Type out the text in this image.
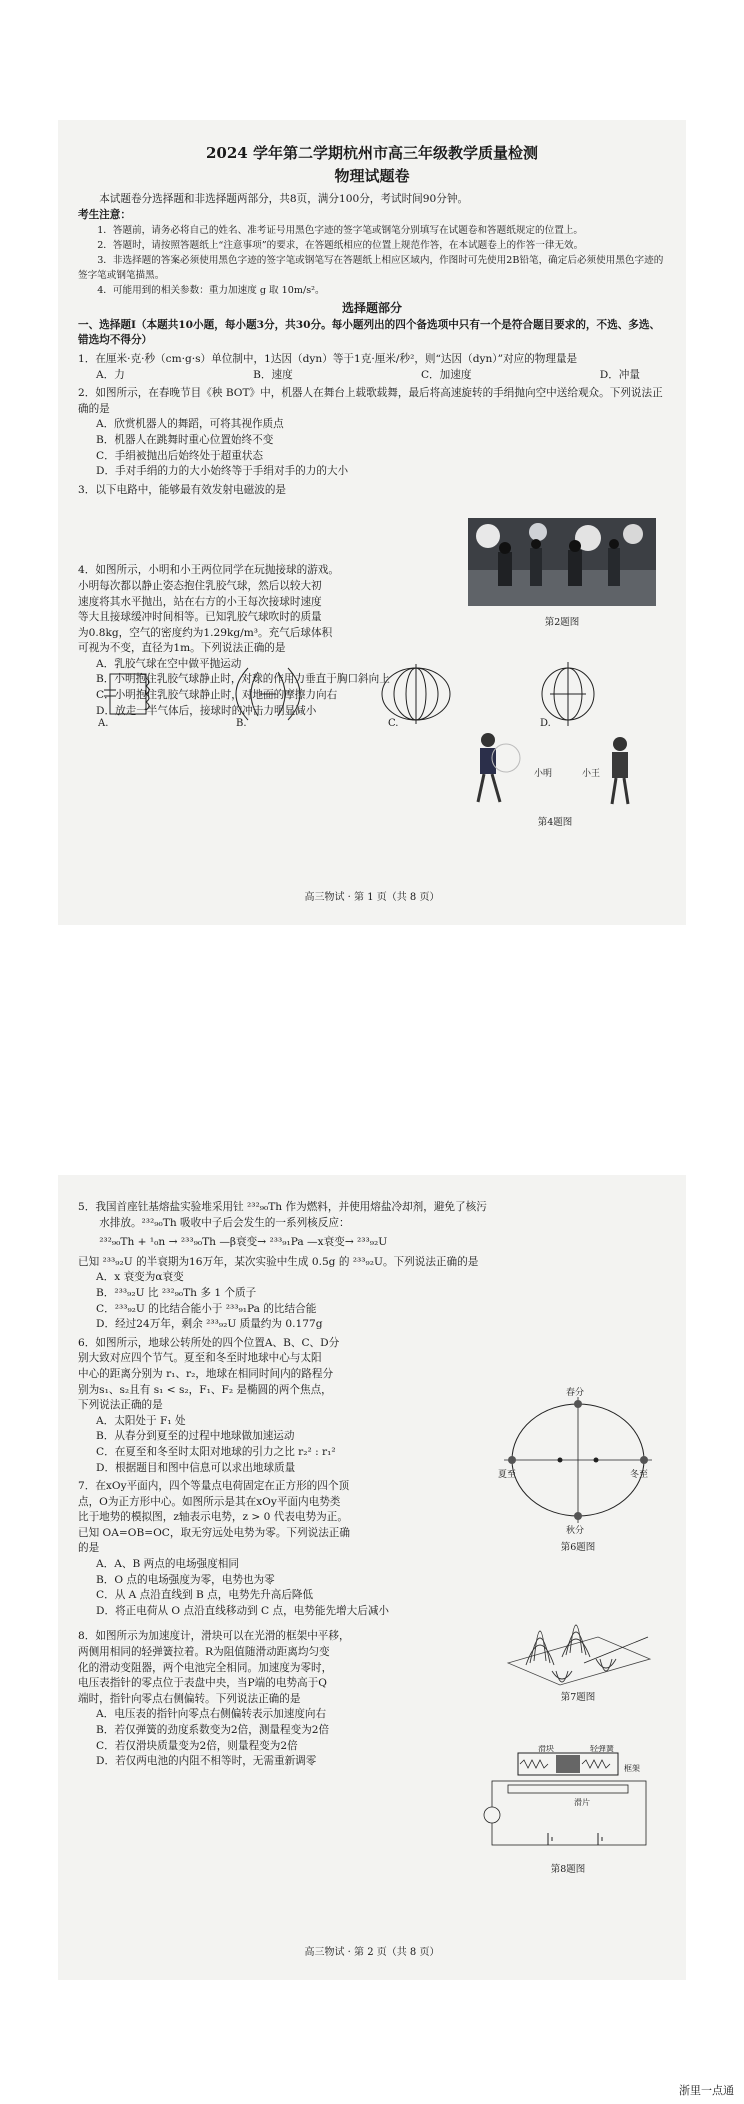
2024 学年第二学期杭州市高三年级教学质量检测
物理试题卷

本试题卷分选择题和非选择题两部分，共8页，满分100分，考试时间90分钟。

考生注意：

1．答题前，请务必将自己的姓名、准考证号用黑色字迹的签字笔或钢笔分别填写在试题卷和答题纸规定的位置上。

2．答题时，请按照答题纸上“注意事项”的要求，在答题纸相应的位置上规范作答，在本试题卷上的作答一律无效。

3．非选择题的答案必须使用黑色字迹的签字笔或钢笔写在答题纸上相应区域内，作图时可先使用2B铅笔，确定后必须使用黑色字迹的签字笔或钢笔描黑。

4．可能用到的相关参数：重力加速度 g 取 10m/s²。

选择题部分

一、选择题Ⅰ（本题共10小题，每小题3分，共30分。每小题列出的四个备选项中只有一个是符合题目要求的，不选、多选、错选均不得分）

1．在厘米·克·秒（cm·g·s）单位制中，1达因（dyn）等于1克·厘米/秒²，则“达因（dyn）”对应的物理量是

A．力	B．速度	C．加速度	D．冲量

2．如图所示，在春晚节目《秧 BOT》中，机器人在舞台上载歌载舞，最后将高速旋转的手绢抛向空中送给观众。下列说法正确的是

A．欣赏机器人的舞蹈，可将其视作质点

B．机器人在跳舞时重心位置始终不变

C．手绢被抛出后始终处于超重状态

D．手对手绢的力的大小始终等于手绢对手的力的大小

3．以下电路中，能够最有效发射电磁波的是

4．如图所示，小明和小王两位同学在玩抛接球的游戏。

小明每次都以静止姿态抱住乳胶气球，然后以较大初

速度将其水平抛出，站在右方的小王每次接球时速度

等大且接球缓冲时间相等。已知乳胶气球吹时的质量

为0.8kg，空气的密度约为1.29kg/m³。充气后球体积

可视为不变，直径为1m。下列说法正确的是

A．乳胶气球在空中做平抛运动

B．小明抱住乳胶气球静止时，对球的作用力垂直于胸口斜向上

C．小明抱住乳胶气球静止时，对地面的摩擦力向右

D．放走一半气体后，接球时的冲击力明显减小

第2题图
A.	B.	C.	D.
小明	小王
第4题图
高三物试 · 第 1 页（共 8 页）

5．我国首座钍基熔盐实验堆采用钍 ²³²₉₀Th 作为燃料，并使用熔盐冷却剂，避免了核污

水排放。²³²₉₀Th 吸收中子后会发生的一系列核反应：

²³²₉₀Th + ¹₀n → ²³³₉₀Th —β衰变→ ²³³₉₁Pa —x衰变→ ²³³₉₂U

已知 ²³³₉₂U 的半衰期为16万年，某次实验中生成 0.5g 的 ²³³₉₂U。下列说法正确的是

A．x 衰变为α衰变

B．²³³₉₂U 比 ²³²₉₀Th 多 1 个质子

C．²³³₉₂U 的比结合能小于 ²³³₉₁Pa 的比结合能

D．经过24万年，剩余 ²³³₉₂U 质量约为 0.177g

6．如图所示，地球公转所处的四个位置A、B、C、D分

别大致对应四个节气。夏至和冬至时地球中心与太阳

中心的距离分别为 r₁、r₂，地球在相同时间内的路程分

别为s₁、s₂且有 s₁ < s₂，F₁、F₂ 是椭圆的两个焦点，

下列说法正确的是

A．太阳处于 F₁ 处

B．从春分到夏至的过程中地球做加速运动

C．在夏至和冬至时太阳对地球的引力之比 r₂² : r₁²

D．根据题目和图中信息可以求出地球质量

7．在xOy平面内，四个等量点电荷固定在正方形的四个顶

点，O为正方形中心。如图所示是其在xOy平面内电势类

比于地势的模拟图，z轴表示电势，z > 0 代表电势为正。

已知 OA=OB=OC，取无穷远处电势为零。下列说法正确

的是

A．A、B 两点的电场强度相同

B．O 点的电场强度为零，电势也为零

C．从 A 点沿直线到 B 点，电势先升高后降低

D．将正电荷从 O 点沿直线移动到 C 点，电势能先增大后减小

8．如图所示为加速度计，滑块可以在光滑的框架中平移，

两侧用相同的轻弹簧拉着。R为阻值随滑动距离均匀变

化的滑动变阻器，两个电池完全相同。加速度为零时，

电压表指针的零点位于表盘中央，当P端的电势高于Q

端时，指针向零点右侧偏转。下列说法正确的是

A．电压表的指针向零点右侧偏转表示加速度向右

B．若仅弹簧的劲度系数变为2倍，测量程变为2倍

C．若仅滑块质量变为2倍，则量程变为2倍

D．若仅两电池的内阻不相等时，无需重新调零

春分
夏至	冬至
秋分
第6题图
第7题图
滑块	轻弹簧
框架
滑片
第8题图
高三物试 · 第 2 页（共 8 页）
浙里一点通
